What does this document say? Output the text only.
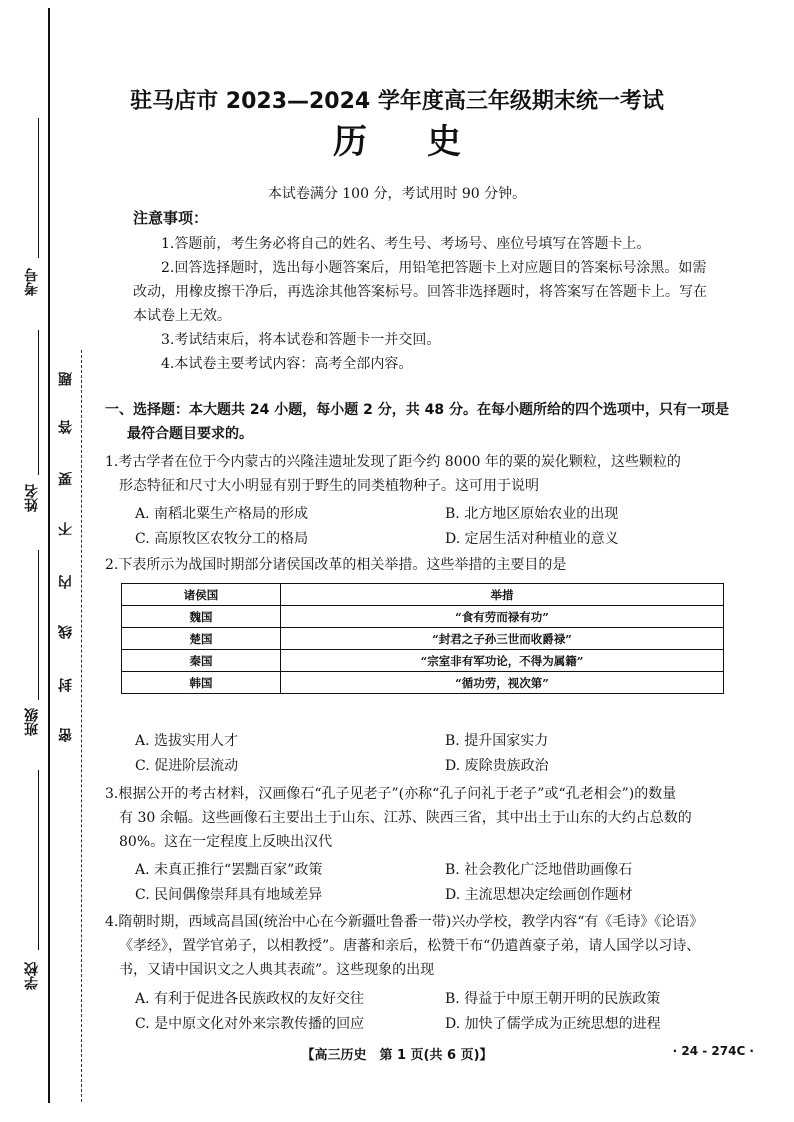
考号
姓名
班级
学校
题
答
要
不
内
线
封
密
驻马店市 2023—2024 学年度高三年级期末统一考试
历史
本试卷满分 100 分，考试用时 90 分钟。
注意事项：
1.答题前，考生务必将自己的姓名、考生号、考场号、座位号填写在答题卡上。
2.回答选择题时，选出每小题答案后，用铅笔把答题卡上对应题目的答案标号涂黑。如需改动，用橡皮擦干净后，再选涂其他答案标号。回答非选择题时，将答案写在答题卡上。写在本试卷上无效。
3.考试结束后，将本试卷和答题卡一并交回。
4.本试卷主要考试内容：高考全部内容。
一、选择题：本大题共 24 小题，每小题 2 分，共 48 分。在每小题所给的四个选项中，只有一项是
最符合题目要求的。
1.考古学者在位于今内蒙古的兴隆洼遗址发现了距今约 8000 年的粟的炭化颗粒，这些颗粒的
形态特征和尺寸大小明显有别于野生的同类植物种子。这可用于说明
A. 南稻北粟生产格局的形成	B. 北方地区原始农业的出现
C. 高原牧区农牧分工的格局	D. 定居生活对种植业的意义
2.下表所示为战国时期部分诸侯国改革的相关举措。这些举措的主要目的是
诸侯国	举措
魏国	“食有劳而禄有功”
楚国	“封君之子孙三世而收爵禄”
秦国	“宗室非有军功论，不得为属籍”
韩国	“循功劳，视次第”
A. 选拔实用人才	B. 提升国家实力
C. 促进阶层流动	D. 废除贵族政治
3.根据公开的考古材料，汉画像石“孔子见老子”(亦称“孔子问礼于老子”或“孔老相会”)的数量
有 30 余幅。这些画像石主要出土于山东、江苏、陕西三省，其中出土于山东的大约占总数的
80%。这在一定程度上反映出汉代
A. 未真正推行“罢黜百家”政策	B. 社会教化广泛地借助画像石
C. 民间偶像崇拜具有地域差异	D. 主流思想决定绘画创作题材
4.隋朝时期，西域高昌国(统治中心在今新疆吐鲁番一带)兴办学校，教学内容“有《毛诗》《论语》
《孝经》，置学官弟子，以相教授”。唐蕃和亲后，松赞干布“仍遣酋豪子弟，请人国学以习诗、
书，又请中国识文之人典其表疏”。这些现象的出现
A. 有利于促进各民族政权的友好交往	B. 得益于中原王朝开明的民族政策
C. 是中原文化对外来宗教传播的回应	D. 加快了儒学成为正统思想的进程
【高三历史　第 1 页(共 6 页)】	· 24 - 274C ·
